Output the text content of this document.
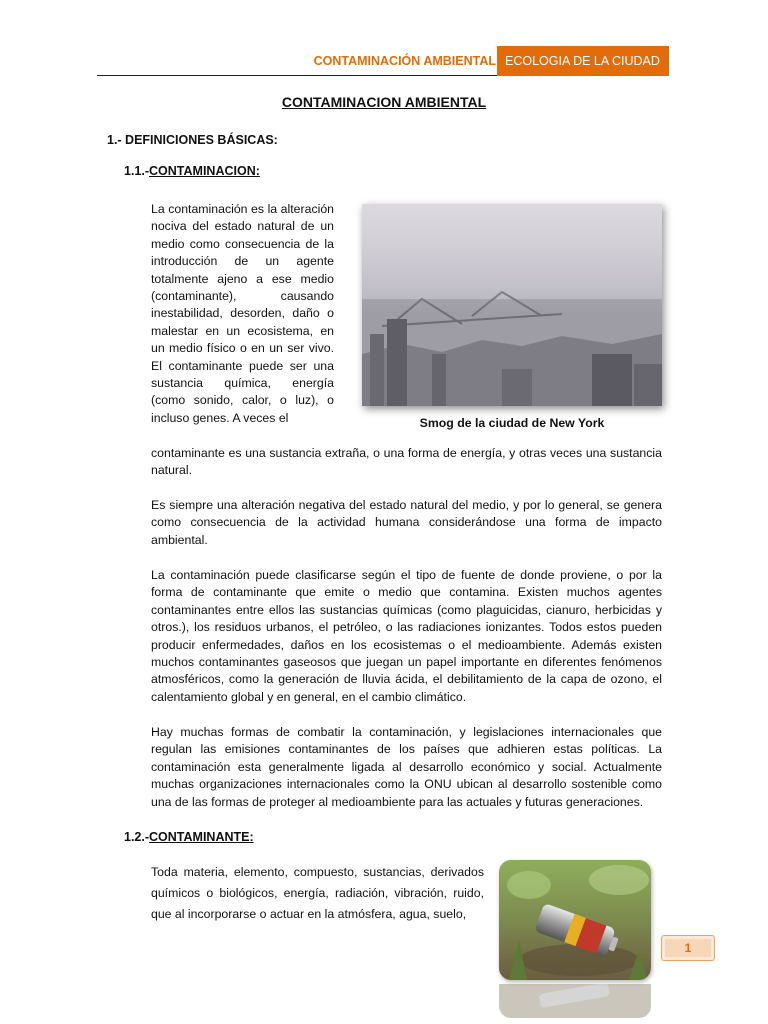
CONTAMINACIÓN AMBIENTAL ECOLOGIA DE LA CIUDAD
CONTAMINACION AMBIENTAL
1.- DEFINICIONES BÁSICAS:
1.1.-CONTAMINACION:

La contaminación es la alteración nociva del estado natural de un medio como consecuencia de la introducción de un agente totalmente ajeno a ese medio (contaminante), causando inestabilidad, desorden, daño o malestar en un ecosistema, en un medio físico o en un ser vivo. El contaminante puede ser una sustancia química, energía (como sonido, calor, o luz), o incluso genes. A veces el	Smog de la ciudad de New York

contaminante es una sustancia extraña, o una forma de energía, y otras veces una sustancia natural.

Es siempre una alteración negativa del estado natural del medio, y por lo general, se genera como consecuencia de la actividad humana considerándose una forma de impacto ambiental.

La contaminación puede clasificarse según el tipo de fuente de donde proviene, o por la forma de contaminante que emite o medio que contamina. Existen muchos agentes contaminantes entre ellos las sustancias químicas (como plaguicidas, cianuro, herbicidas y otros.), los residuos urbanos, el petróleo, o las radiaciones ionizantes. Todos estos pueden producir enfermedades, daños en los ecosistemas o el medioambiente. Además existen muchos contaminantes gaseosos que juegan un papel importante en diferentes fenómenos atmosféricos, como la generación de lluvia ácida, el debilitamiento de la capa de ozono, el calentamiento global y en general, en el cambio climático.

Hay muchas formas de combatir la contaminación, y legislaciones internacionales que regulan las emisiones contaminantes de los países que adhieren estas políticas. La contaminación esta generalmente ligada al desarrollo económico y social. Actualmente muchas organizaciones internacionales como la ONU ubican al desarrollo sostenible como una de las formas de proteger al medioambiente para las actuales y futuras generaciones.

1.2.-CONTAMINANTE:

Toda materia, elemento, compuesto, sustancias, derivados químicos o biológicos, energía, radiación, vibración, ruido, que al incorporarse o actuar en la atmósfera, agua, suelo,

1
